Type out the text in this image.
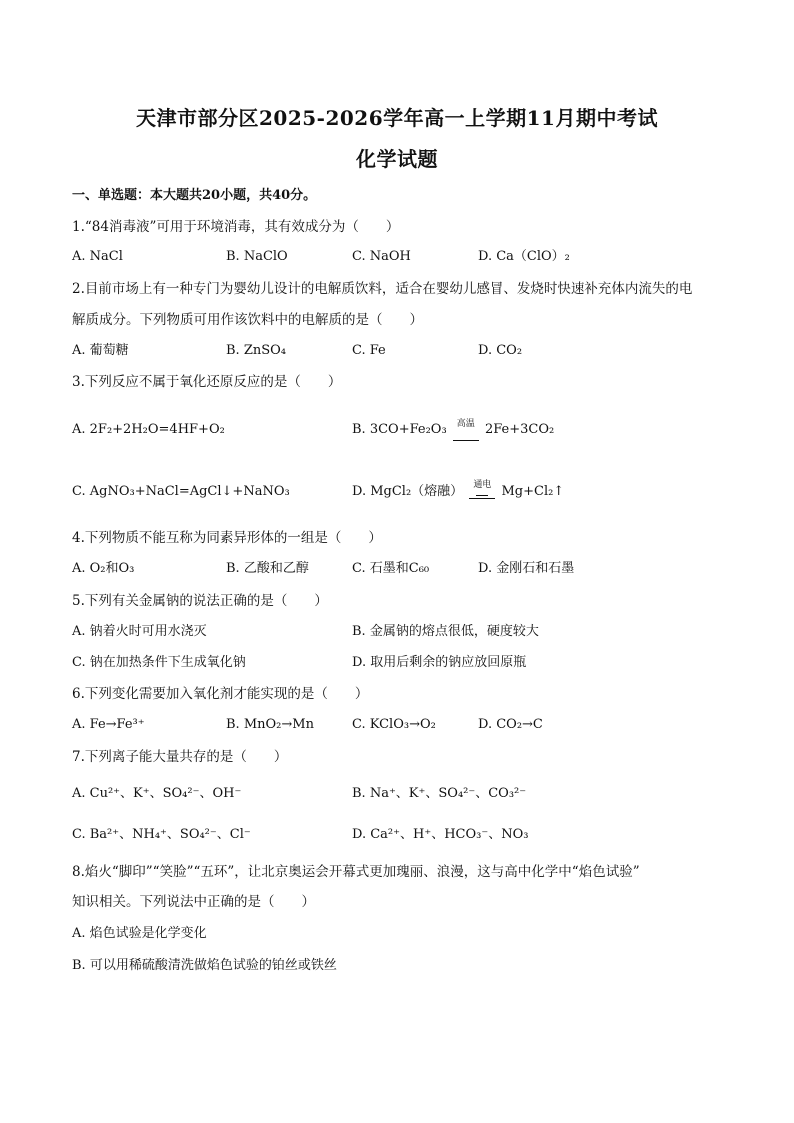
天津市部分区2025-2026学年高一上学期11月期中考试
化学试题
一、单选题：本大题共20小题，共40分。
1.“84消毒液”可用于环境消毒，其有效成分为（　　）
A. NaCl	B. NaClO	C. NaOH	D. Ca（ClO）₂
2.目前市场上有一种专门为婴幼儿设计的电解质饮料，适合在婴幼儿感冒、发烧时快速补充体内流失的电
解质成分。下列物质可用作该饮料中的电解质的是（　　）
A. 葡萄糖	B. ZnSO₄	C. Fe	D. CO₂
3.下列反应不属于氧化还原反应的是（　　）
A. 2F₂+2H₂O=4HF+O₂	B. 3CO+Fe₂O₃	高温 2Fe+3CO₂
C. AgNO₃+NaCl=AgCl↓+NaNO₃	D. MgCl₂（熔融）	通电 Mg+Cl₂↑
4.下列物质不能互称为同素异形体的一组是（　　）
A. O₂和O₃	B. 乙酸和乙醇	C. 石墨和C₆₀	D. 金刚石和石墨
5.下列有关金属钠的说法正确的是（　　）
A. 钠着火时可用水浇灭	B. 金属钠的熔点很低，硬度较大
C. 钠在加热条件下生成氧化钠	D. 取用后剩余的钠应放回原瓶
6.下列变化需要加入氧化剂才能实现的是（　　）
A. Fe→Fe³⁺	B. MnO₂→Mn	C. KClO₃→O₂	D. CO₂→C
7.下列离子能大量共存的是（　　）
A. Cu²⁺、K⁺、SO₄²⁻、OH⁻	B. Na⁺、K⁺、SO₄²⁻、CO₃²⁻
C. Ba²⁺、NH₄⁺、SO₄²⁻、Cl⁻	D. Ca²⁺、H⁺、HCO₃⁻、NO₃
8.焰火“脚印”“笑脸”“五环”，让北京奥运会开幕式更加瑰丽、浪漫，这与高中化学中“焰色试验”
知识相关。下列说法中正确的是（　　）
A. 焰色试验是化学变化
B. 可以用稀硫酸清洗做焰色试验的铂丝或铁丝
